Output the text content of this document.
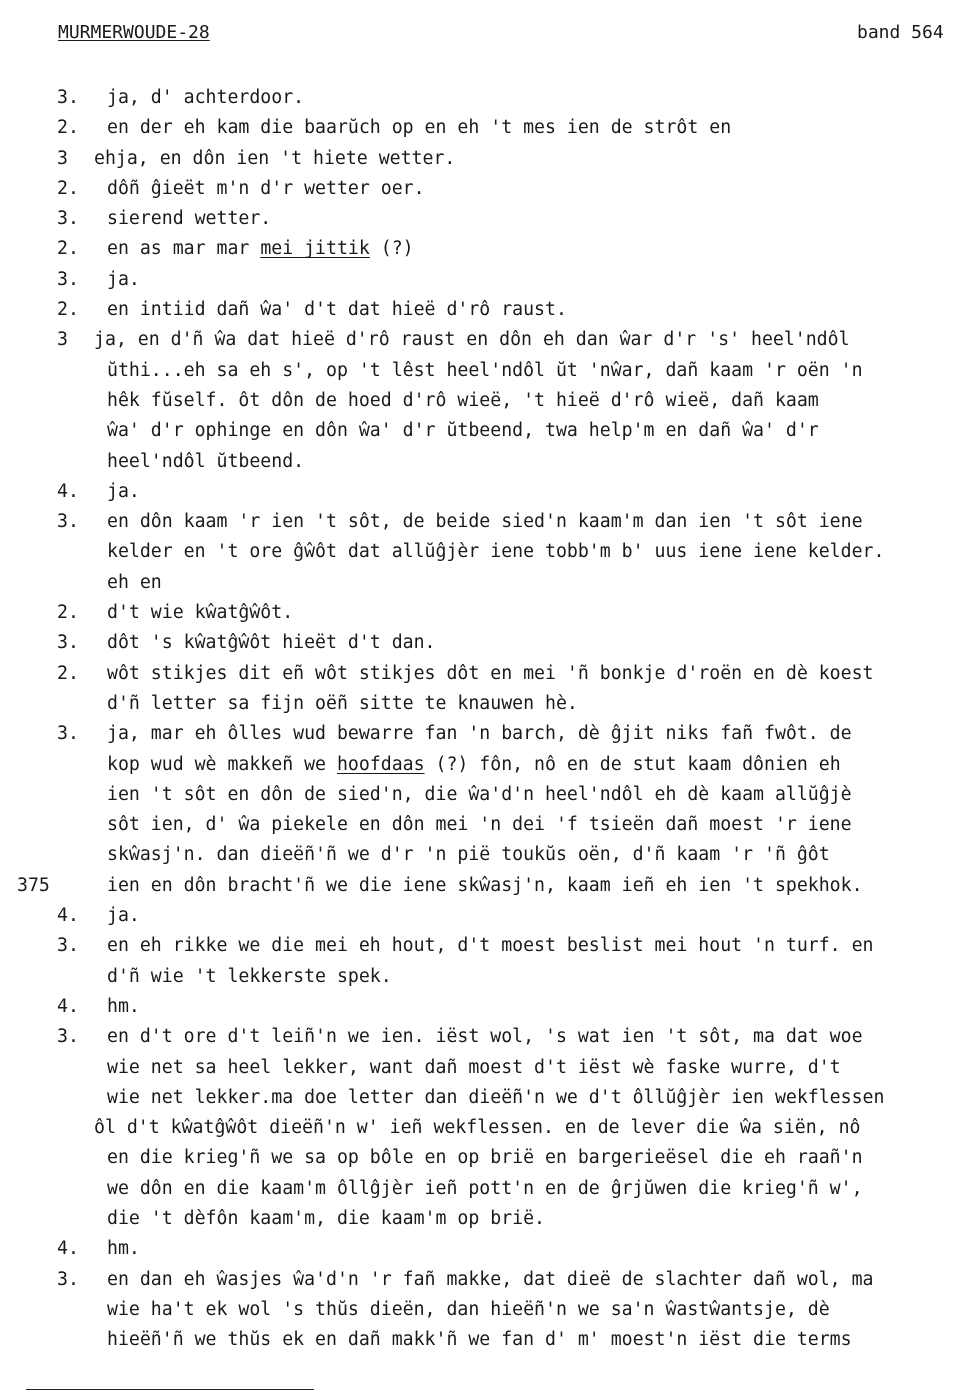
MURMERWOUDE-28	band 564
3. ja, d' achterdoor.
2. en der eh kam die baarŭch op en eh 't mes ien de strôt en
3 ehja, en dôn ien 't hiete wetter.
2. dôñ ĝieët m'n d'r wetter oer.
3. sierend wetter.
2. en as mar mar mei jittik (?)
3. ja.
2. en intiid dañ ŵa' d't dat hieë d'rô raust.
3 ja, en d'ñ ŵa dat hieë d'rô raust en dôn eh dan ŵar d'r 's' heel'ndôl
ŭthi...eh sa eh s', op 't lêst heel'ndôl ŭt 'nŵar, dañ kaam 'r oën 'n
hêk fŭself. ôt dôn de hoed d'rô wieë, 't hieë d'rô wieë, dañ kaam
ŵa' d'r ophinge en dôn ŵa' d'r ŭtbeend, twa help'm en dañ ŵa' d'r
heel'ndôl ŭtbeend.
4. ja.
3. en dôn kaam 'r ien 't sôt, de beide sied'n kaam'm dan ien 't sôt iene
kelder en 't ore ĝŵôt dat allŭĝjèr iene tobb'm b' uus iene iene kelder.
eh en
2. d't wie kŵatĝŵôt.
3. dôt 's kŵatĝŵôt hieët d't dan.
2. wôt stikjes dit eñ wôt stikjes dôt en mei 'ñ bonkje d'roën en dè koest
d'ñ letter sa fijn oëñ sitte te knauwen hè.
3. ja, mar eh ôlles wud bewarre fan 'n barch, dè ĝjit niks fañ fwôt. de
kop wud wè makkeñ we hoofdaas (?) fôn, nô en de stut kaam dônien eh
ien 't sôt en dôn de sied'n, die ŵa'd'n heel'ndôl eh dè kaam allŭĝjè
sôt ien, d' ŵa piekele en dôn mei 'n dei 'f tsieën dañ moest 'r iene
skŵasj'n. dan dieëñ'ñ we d'r 'n pië toukŭs oën, d'ñ kaam 'r 'ñ ĝôt
375	ien en dôn bracht'ñ we die iene skŵasj'n, kaam ieñ eh ien 't spekhok.
4. ja.
3. en eh rikke we die mei eh hout, d't moest beslist mei hout 'n turf. en
d'ñ wie 't lekkerste spek.
4. hm.
3. en d't ore d't leiñ'n we ien. iëst wol, 's wat ien 't sôt, ma dat woe
wie net sa heel lekker, want dañ moest d't iëst wè faske wurre, d't
wie net lekker.ma doe letter dan dieëñ'n we d't ôllŭĝjèr ien wekflessen
ôl d't kŵatĝŵôt dieëñ'n w' ieñ wekflessen. en de lever die ŵa siën, nô
en die krieg'ñ we sa op bôle en op brië en bargerieësel die eh raañ'n
we dôn en die kaam'm ôllĝjèr ieñ pott'n en de ĝrjŭwen die krieg'ñ w',
die 't dèfôn kaam'm, die kaam'm op brië.
4. hm.
3. en dan eh ŵasjes ŵa'd'n 'r fañ makke, dat dieë de slachter dañ wol, ma
wie ha't ek wol 's thŭs dieën, dan hieëñ'n we sa'n ŵastŵantsje, dè
hieëñ'ñ we thŭs ek en dañ makk'ñ we fan d' m' moest'n iëst die terms
